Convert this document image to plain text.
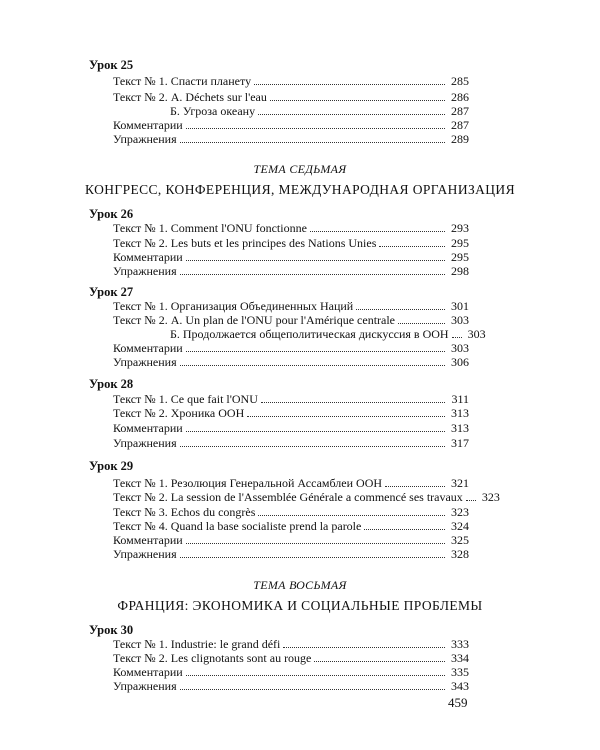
Урок 25
Текст № 1. Спасти планету	285
Текст № 2. А. Déchets sur l'eau	286
Б. Угроза океану	287
Комментарии	287
Упражнения	289
ТЕМА СЕДЬМАЯ
КОНГРЕСС, КОНФЕРЕНЦИЯ, МЕЖДУНАРОДНАЯ ОРГАНИЗАЦИЯ
Урок 26
Текст № 1. Comment l'ONU fonctionne	293
Текст № 2. Les buts et les principes des Nations Unies	295
Комментарии	295
Упражнения	298
Урок 27
Текст № 1. Организация Объединенных Наций	301
Текст № 2. А. Un plan de l'ONU pour l'Amérique centrale	303
Б. Продолжается общеполитическая дискуссия в ООН 303
Комментарии	303
Упражнения	306
Урок 28
Текст № 1. Ce que fait l'ONU	311
Текст № 2. Хроника ООН	313
Комментарии	313
Упражнения	317
Урок 29
Текст № 1. Резолюция Генеральной Ассамблеи ООН	321
Текст № 2. La session de l'Assemblée Générale a commencé ses travaux 323
Текст № 3. Echos du congrès	323
Текст № 4. Quand la base socialiste prend la parole	324
Комментарии	325
Упражнения	328
ТЕМА ВОСЬМАЯ
ФРАНЦИЯ: ЭКОНОМИКА И СОЦИАЛЬНЫЕ ПРОБЛЕМЫ
Урок 30
Текст № 1. Industrie: le grand défi	333
Текст № 2. Les clignotants sont au rouge	334
Комментарии	335
Упражнения	343
459
